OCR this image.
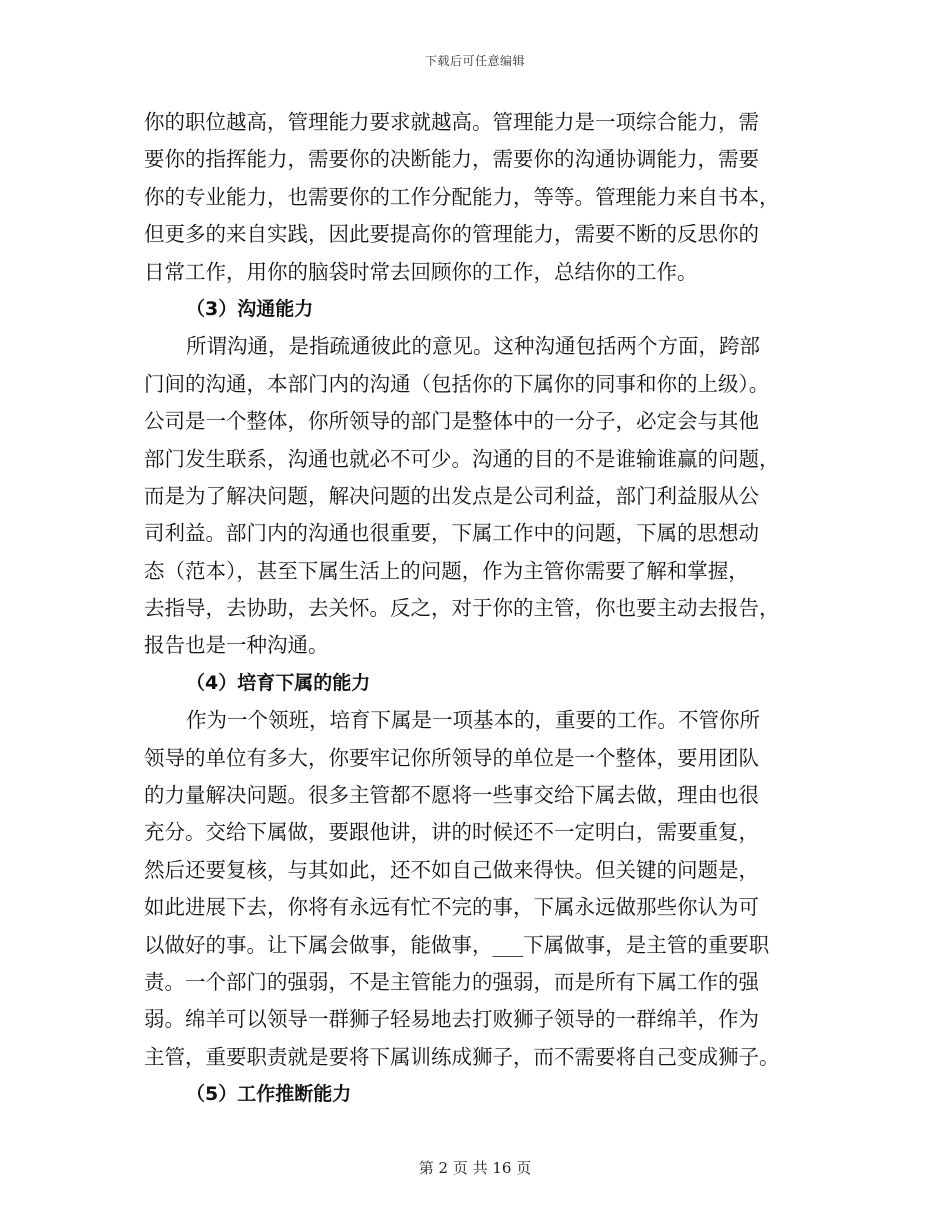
下载后可任意编辑
你的职位越高，管理能力要求就越高。管理能力是一项综合能力，需
要你的指挥能力，需要你的决断能力，需要你的沟通协调能力，需要
你的专业能力，也需要你的工作分配能力，等等。管理能力来自书本，
但更多的来自实践，因此要提高你的管理能力，需要不断的反思你的
日常工作，用你的脑袋时常去回顾你的工作，总结你的工作。
（3）沟通能力
所谓沟通，是指疏通彼此的意见。这种沟通包括两个方面，跨部
门间的沟通，本部门内的沟通（包括你的下属你的同事和你的上级）。
公司是一个整体，你所领导的部门是整体中的一分子，必定会与其他
部门发生联系，沟通也就必不可少。沟通的目的不是谁输谁赢的问题，
而是为了解决问题，解决问题的出发点是公司利益，部门利益服从公
司利益。部门内的沟通也很重要，下属工作中的问题，下属的思想动
态（范本），甚至下属生活上的问题，作为主管你需要了解和掌握，
去指导，去协助，去关怀。反之，对于你的主管，你也要主动去报告，
报告也是一种沟通。
（4）培育下属的能力
作为一个领班，培育下属是一项基本的，重要的工作。不管你所
领导的单位有多大，你要牢记你所领导的单位是一个整体，要用团队
的力量解决问题。很多主管都不愿将一些事交给下属去做，理由也很
充分。交给下属做，要跟他讲，讲的时候还不一定明白，需要重复，
然后还要复核，与其如此，还不如自己做来得快。但关键的问题是，
如此进展下去，你将有永远有忙不完的事，下属永远做那些你认为可
以做好的事。让下属会做事，能做事，___下属做事，是主管的重要职
责。一个部门的强弱，不是主管能力的强弱，而是所有下属工作的强
弱。绵羊可以领导一群狮子轻易地去打败狮子领导的一群绵羊，作为
主管，重要职责就是要将下属训练成狮子，而不需要将自己变成狮子。
（5）工作推断能力
第 2 页 共 16 页
